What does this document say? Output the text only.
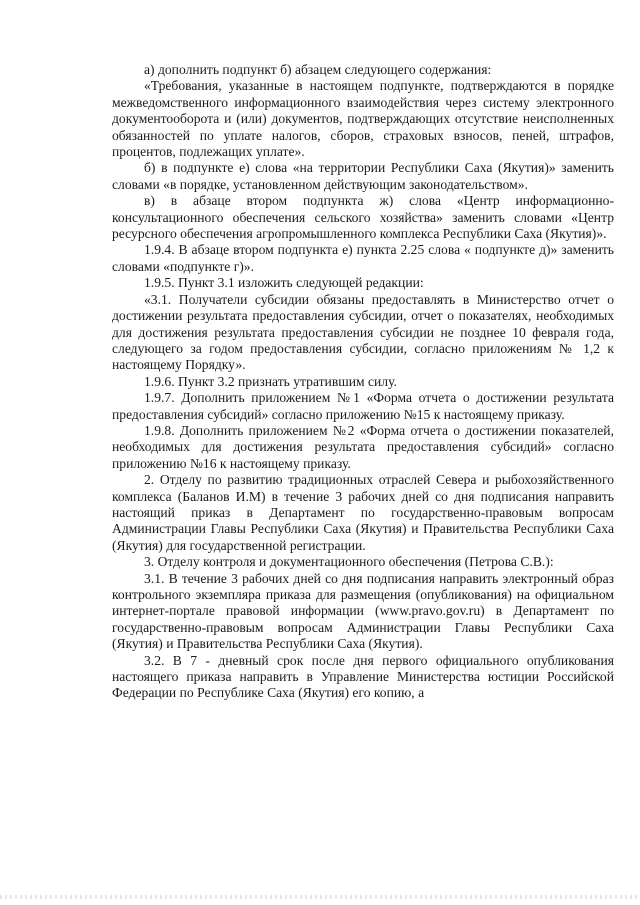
а) дополнить подпункт б) абзацем следующего содержания:

«Требования, указанные в настоящем подпункте, подтверждаются в порядке межведомственного информационного взаимодействия через систему электронного документооборота и (или) документов, подтверждающих отсутствие неисполненных обязанностей по уплате налогов, сборов, страховых взносов, пеней, штрафов, процентов, подлежащих уплате».

б) в подпункте е) слова «на территории Республики Саха (Якутия)» заменить словами «в порядке, установленном действующим законодательством».

в) в абзаце втором подпункта ж) слова «Центр информационно-консультационного обеспечения сельского хозяйства» заменить словами «Центр ресурсного обеспечения агропромышленного комплекса Республики Саха (Якутия)».

1.9.4. В абзаце втором подпункта е) пункта 2.25 слова « подпункте д)» заменить словами «подпункте г)».

1.9.5. Пункт 3.1 изложить следующей редакции:

«3.1. Получатели субсидии обязаны предоставлять в Министерство отчет о достижении результата предоставления субсидии, отчет о показателях, необходимых для достижения результата предоставления субсидии не позднее 10 февраля года, следующего за годом предоставления субсидии, согласно приложениям № 1,2 к настоящему Порядку».

1.9.6. Пункт 3.2 признать утратившим силу.

1.9.7. Дополнить приложением №1 «Форма отчета о достижении результата предоставления субсидий» согласно приложению №15 к настоящему приказу.

1.9.8. Дополнить приложением №2 «Форма отчета о достижении показателей, необходимых для достижения результата предоставления субсидий» согласно приложению №16 к настоящему приказу.

2. Отделу по развитию традиционных отраслей Севера и рыбохозяйственного комплекса (Баланов И.М) в течение 3 рабочих дней со дня подписания направить настоящий приказ в Департамент по государственно-правовым вопросам Администрации Главы Республики Саха (Якутия) и Правительства Республики Саха (Якутия) для государственной регистрации.

3. Отделу контроля и документационного обеспечения (Петрова С.В.):

3.1. В течение 3 рабочих дней со дня подписания направить электронный образ контрольного экземпляра приказа для размещения (опубликования) на официальном интернет-портале правовой информации (www.pravo.gov.ru) в Департамент по государственно-правовым вопросам Администрации Главы Республики Саха (Якутия) и Правительства Республики Саха (Якутия).

3.2. В 7 - дневный срок после дня первого официального опубликования настоящего приказа направить в Управление Министерства юстиции Российской Федерации по Республике Саха (Якутия) его копию, а
